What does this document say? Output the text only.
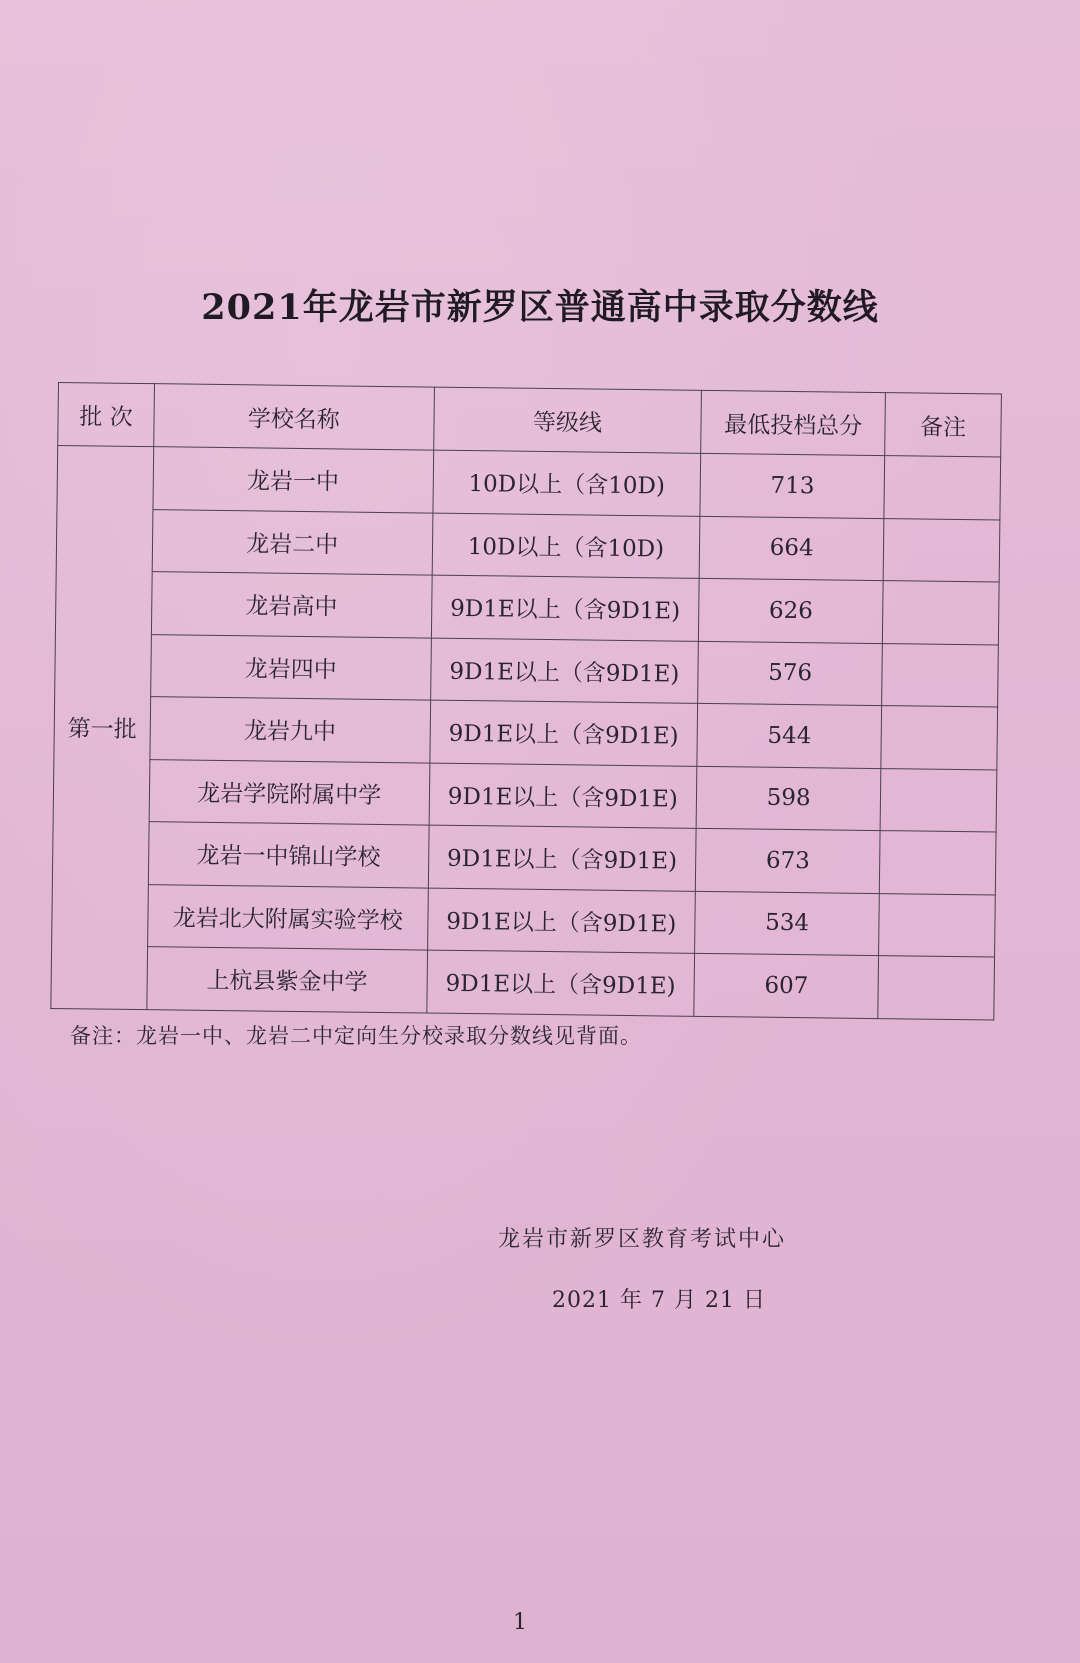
2021年龙岩市新罗区普通高中录取分数线
批 次	学校名称	等级线	最低投档总分	备注
第一批	龙岩一中	10D以上（含10D)	713	
	龙岩二中	10D以上（含10D)	664	
	龙岩高中	9D1E以上（含9D1E)	626	
	龙岩四中	9D1E以上（含9D1E)	576	
	龙岩九中	9D1E以上（含9D1E)	544	
	龙岩学院附属中学	9D1E以上（含9D1E)	598	
	龙岩一中锦山学校	9D1E以上（含9D1E)	673	
	龙岩北大附属实验学校	9D1E以上（含9D1E)	534	
	上杭县紫金中学	9D1E以上（含9D1E)	607	
备注：龙岩一中、龙岩二中定向生分校录取分数线见背面。
龙岩市新罗区教育考试中心
2021 年 7 月 21 日
1
